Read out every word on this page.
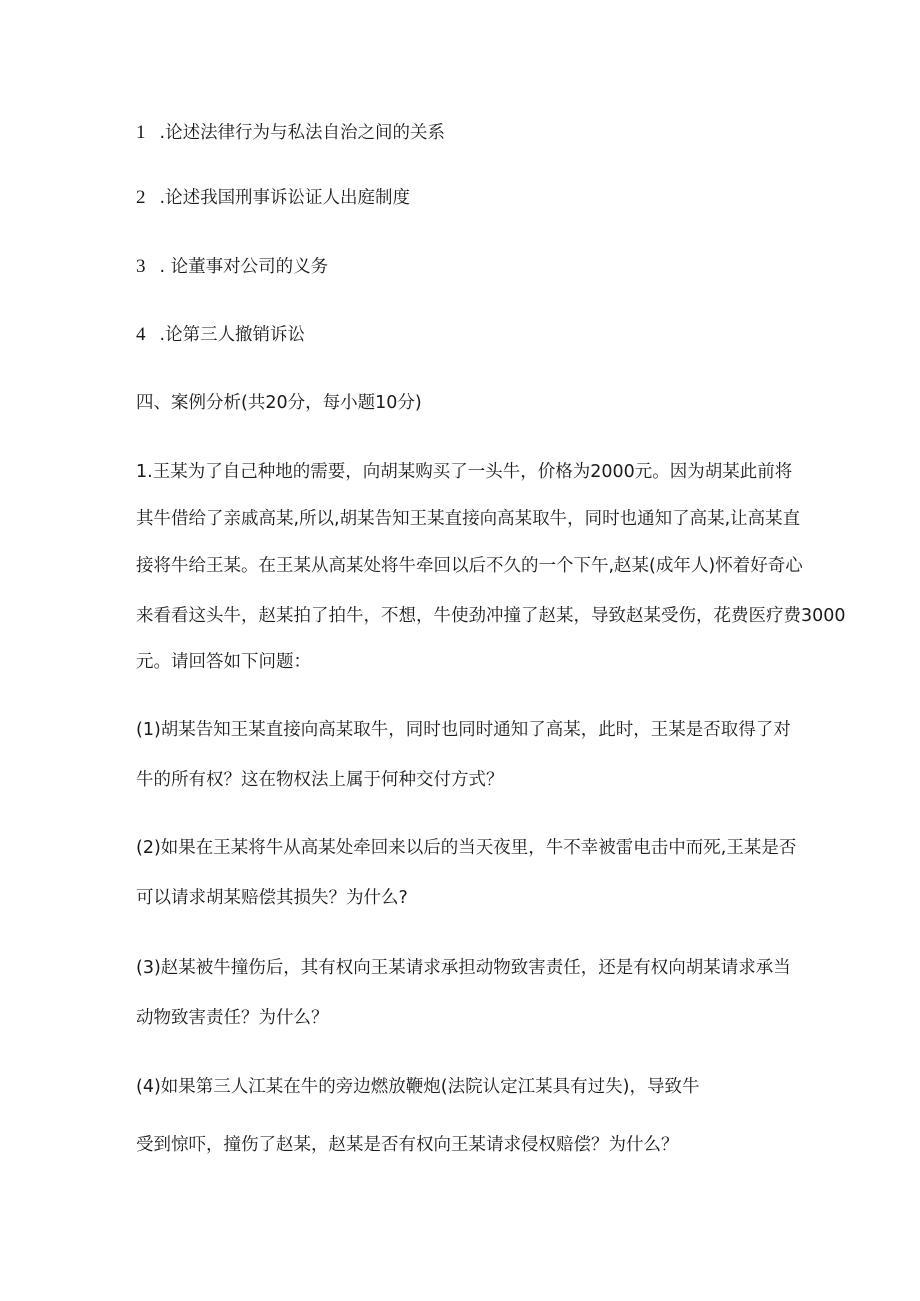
1 .论述法律行为与私法自治之间的关系

2 .论述我国刑事诉讼证人出庭制度

3 . 论董事对公司的义务

4 .论第三人撤销诉讼

四、案例分析(共20分，每小题10分)

1.王某为了自己种地的需要，向胡某购买了一头牛，价格为2000元。因为胡某此前将

其牛借给了亲戚高某,所以,胡某告知王某直接向高某取牛，同时也通知了高某,让高某直

接将牛给王某。在王某从高某处将牛牵回以后不久的一个下午,赵某(成年人)怀着好奇心

来看看这头牛，赵某拍了拍牛，不想，牛使劲冲撞了赵某，导致赵某受伤，花费医疗费3000

元。请回答如下问题：

(1)胡某告知王某直接向高某取牛，同时也同时通知了高某，此时，王某是否取得了对

牛的所有权？这在物权法上属于何种交付方式？

(2)如果在王某将牛从高某处牵回来以后的当天夜里，牛不幸被雷电击中而死,王某是否

可以请求胡某赔偿其损失？为什么?

(3)赵某被牛撞伤后，其有权向王某请求承担动物致害责任，还是有权向胡某请求承当

动物致害责任？为什么？

(4)如果第三人江某在牛的旁边燃放鞭炮(法院认定江某具有过失)，导致牛

受到惊吓，撞伤了赵某，赵某是否有权向王某请求侵权赔偿？为什么？
